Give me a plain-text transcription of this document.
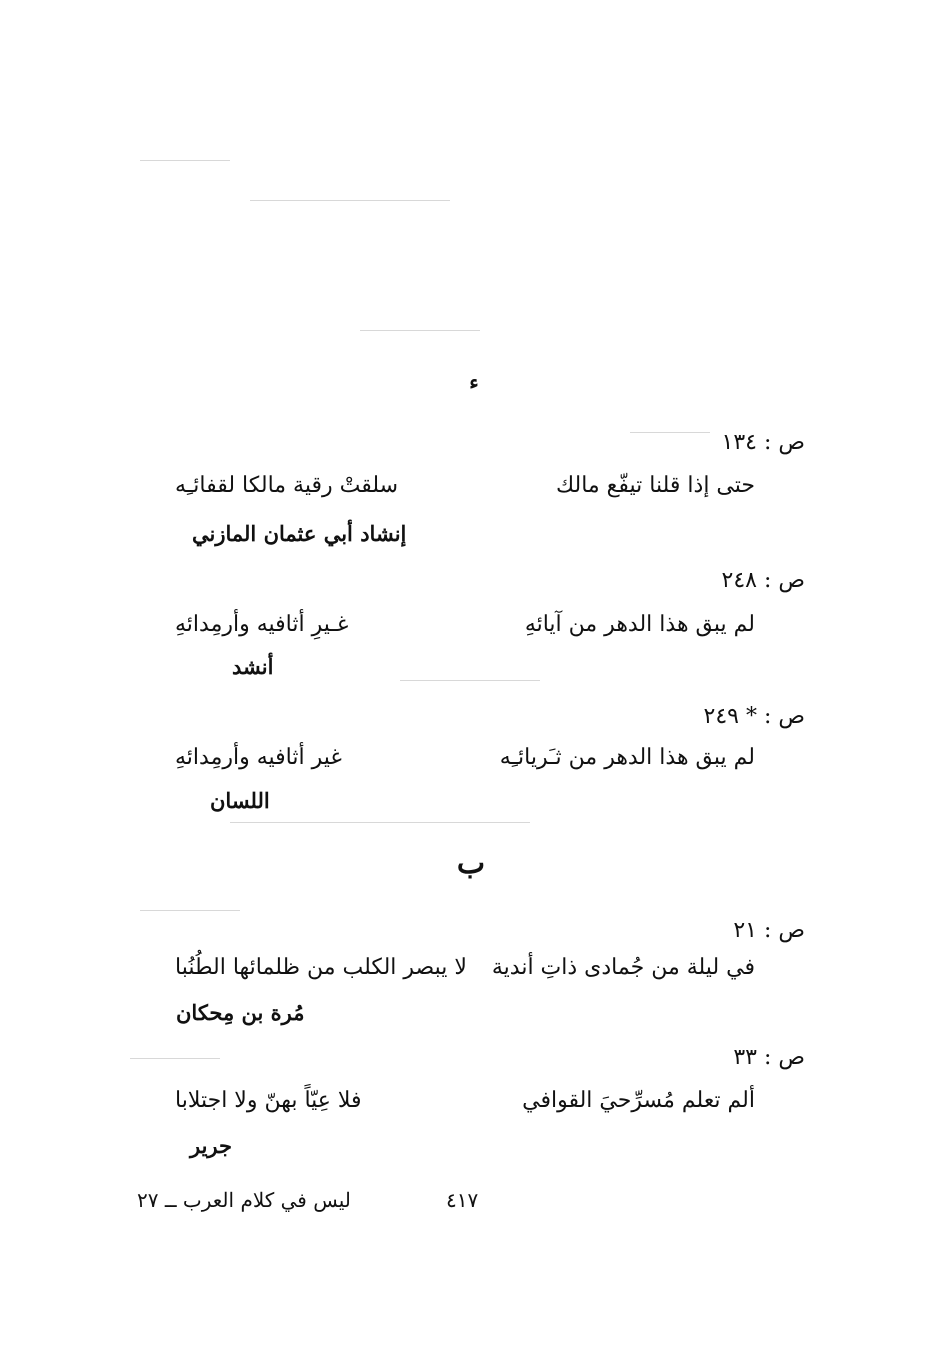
ء
ص : ١٣٤
حتى إذا قلنا تيفّع مالك
سلقتْ رقية مالكا لقفائـِه
إنشاد أبي عثمان المازني
ص : ٢٤٨
لم يبق هذا الدهر من آيائهِ
غـيرِ أثافيه وأرمِدائهِ
أنشد
ص : * ٢٤٩
لم يبق هذا الدهر من ثـَريائـِه
غير أثافيه وأرمِدائهِ
اللسان
ب
ص : ٢١
في ليلة من جُمادى ذاتِ أندية
لا يبصر الكلب من ظلمائها الطُنُبا
مُرة بن مِحكان
ص : ٣٣
ألم تعلم مُسرِّحيَ القوافي
فلا عِيّاً بهنّ ولا اجتلابا
جرير
ليس في كلام العرب ــ ٢٧	٤١٧
